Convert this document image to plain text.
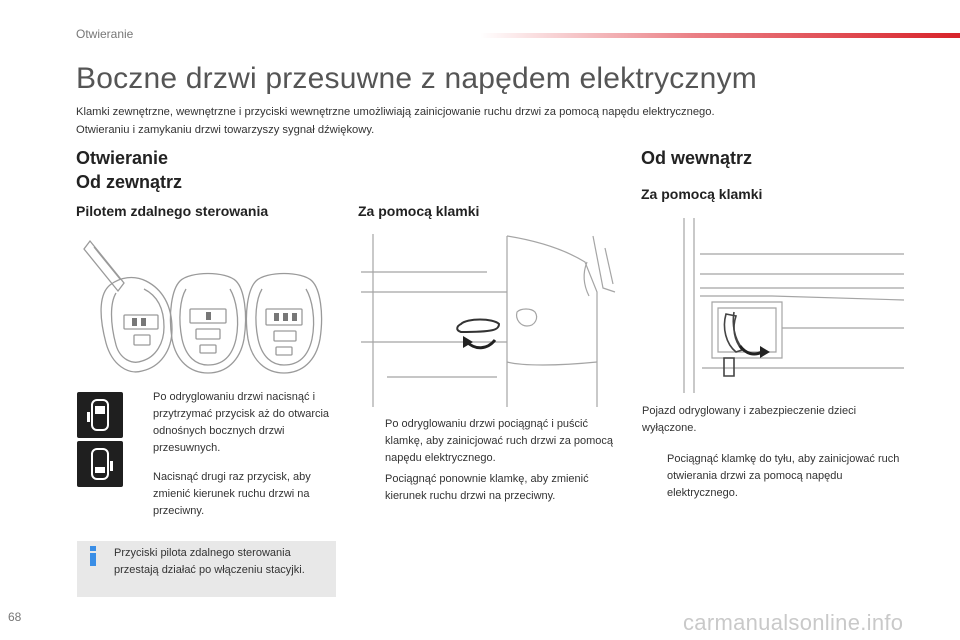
Otwieranie
Boczne drzwi przesuwne z napędem elektrycznym
Klamki zewnętrzne, wewnętrzne i przyciski wewnętrzne umożliwiają zainicjowanie ruchu drzwi za pomocą napędu elektrycznego.
Otwieraniu i zamykaniu drzwi towarzyszy sygnał dźwiękowy.
Otwieranie
Od zewnątrz
Pilotem zdalnego sterowania
Po odryglowaniu drzwi nacisnąć i przytrzymać przycisk aż do otwarcia odnośnych bocznych drzwi przesuwnych.
Nacisnąć drugi raz przycisk, aby zmienić kierunek ruchu drzwi na przeciwny.
Przyciski pilota zdalnego sterowania przestają działać po włączeniu stacyjki.
Za pomocą klamki
Po odryglowaniu drzwi pociągnąć i puścić klamkę, aby zainicjować ruch drzwi za pomocą napędu elektrycznego.
Pociągnąć ponownie klamkę, aby zmienić kierunek ruchu drzwi na przeciwny.
Od wewnątrz
Za pomocą klamki
Pojazd odryglowany i zabezpieczenie dzieci wyłączone.
Pociągnąć klamkę do tyłu, aby zainicjować ruch otwierania drzwi za pomocą napędu elektrycznego.
68	carmanualsonline.info
